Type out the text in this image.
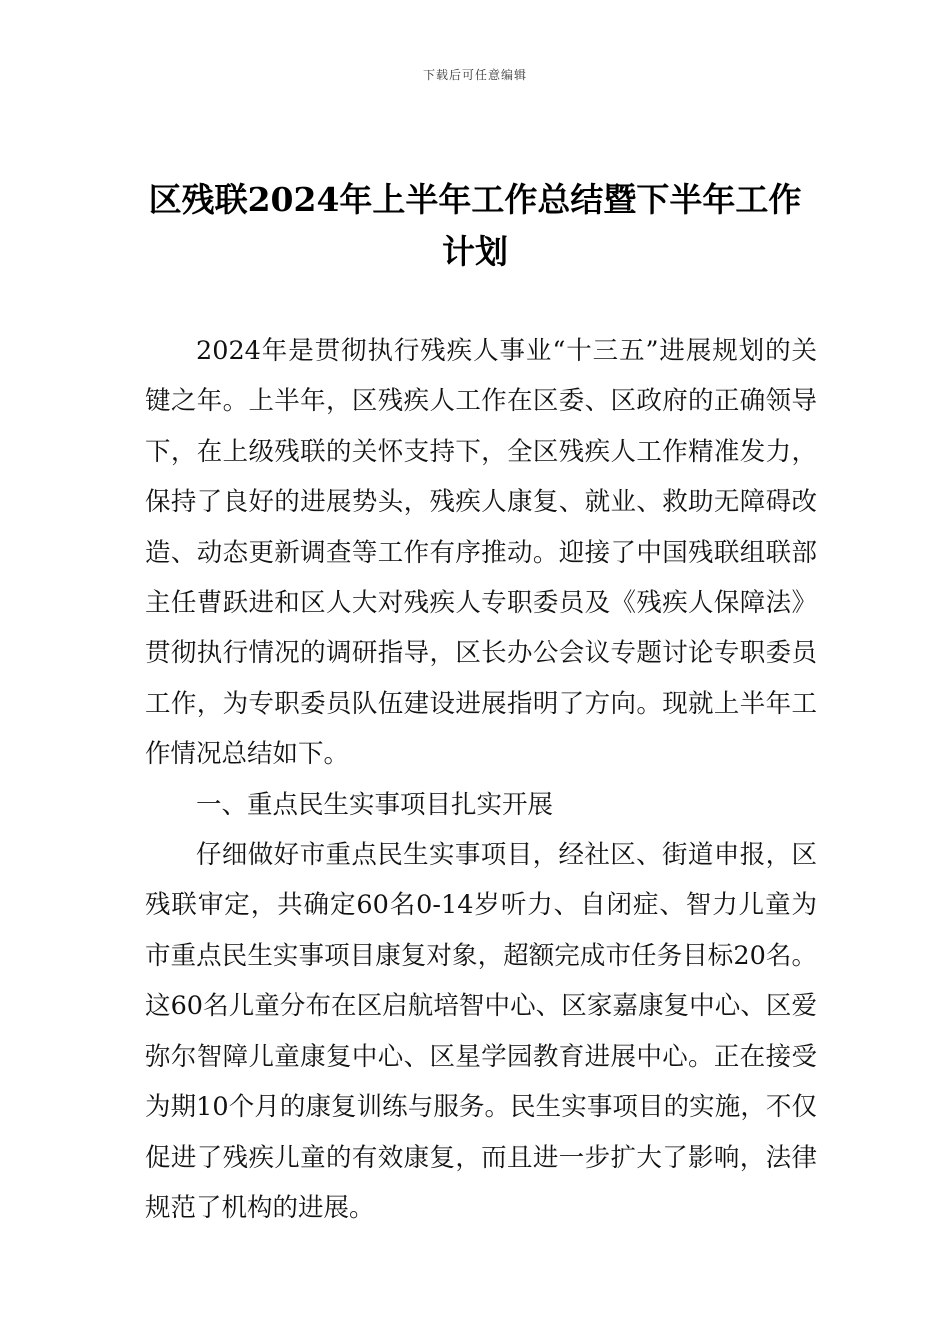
下载后可任意编辑
区残联2024年上半年工作总结暨下半年工作计划

2024年是贯彻执行残疾人事业“十三五”进展规划的关键之年。上半年，区残疾人工作在区委、区政府的正确领导下，在上级残联的关怀支持下，全区残疾人工作精准发力，保持了良好的进展势头，残疾人康复、就业、救助无障碍改造、动态更新调查等工作有序推动。迎接了中国残联组联部主任曹跃进和区人大对残疾人专职委员及《残疾人保障法》贯彻执行情况的调研指导，区长办公会议专题讨论专职委员工作，为专职委员队伍建设进展指明了方向。现就上半年工作情况总结如下。

一、重点民生实事项目扎实开展

仔细做好市重点民生实事项目，经社区、街道申报，区残联审定，共确定60名0-14岁听力、自闭症、智力儿童为市重点民生实事项目康复对象，超额完成市任务目标20名。这60名儿童分布在区启航培智中心、区家嘉康复中心、区爱弥尔智障儿童康复中心、区星学园教育进展中心。正在接受为期10个月的康复训练与服务。民生实事项目的实施，不仅促进了残疾儿童的有效康复，而且进一步扩大了影响，法律规范了机构的进展。
